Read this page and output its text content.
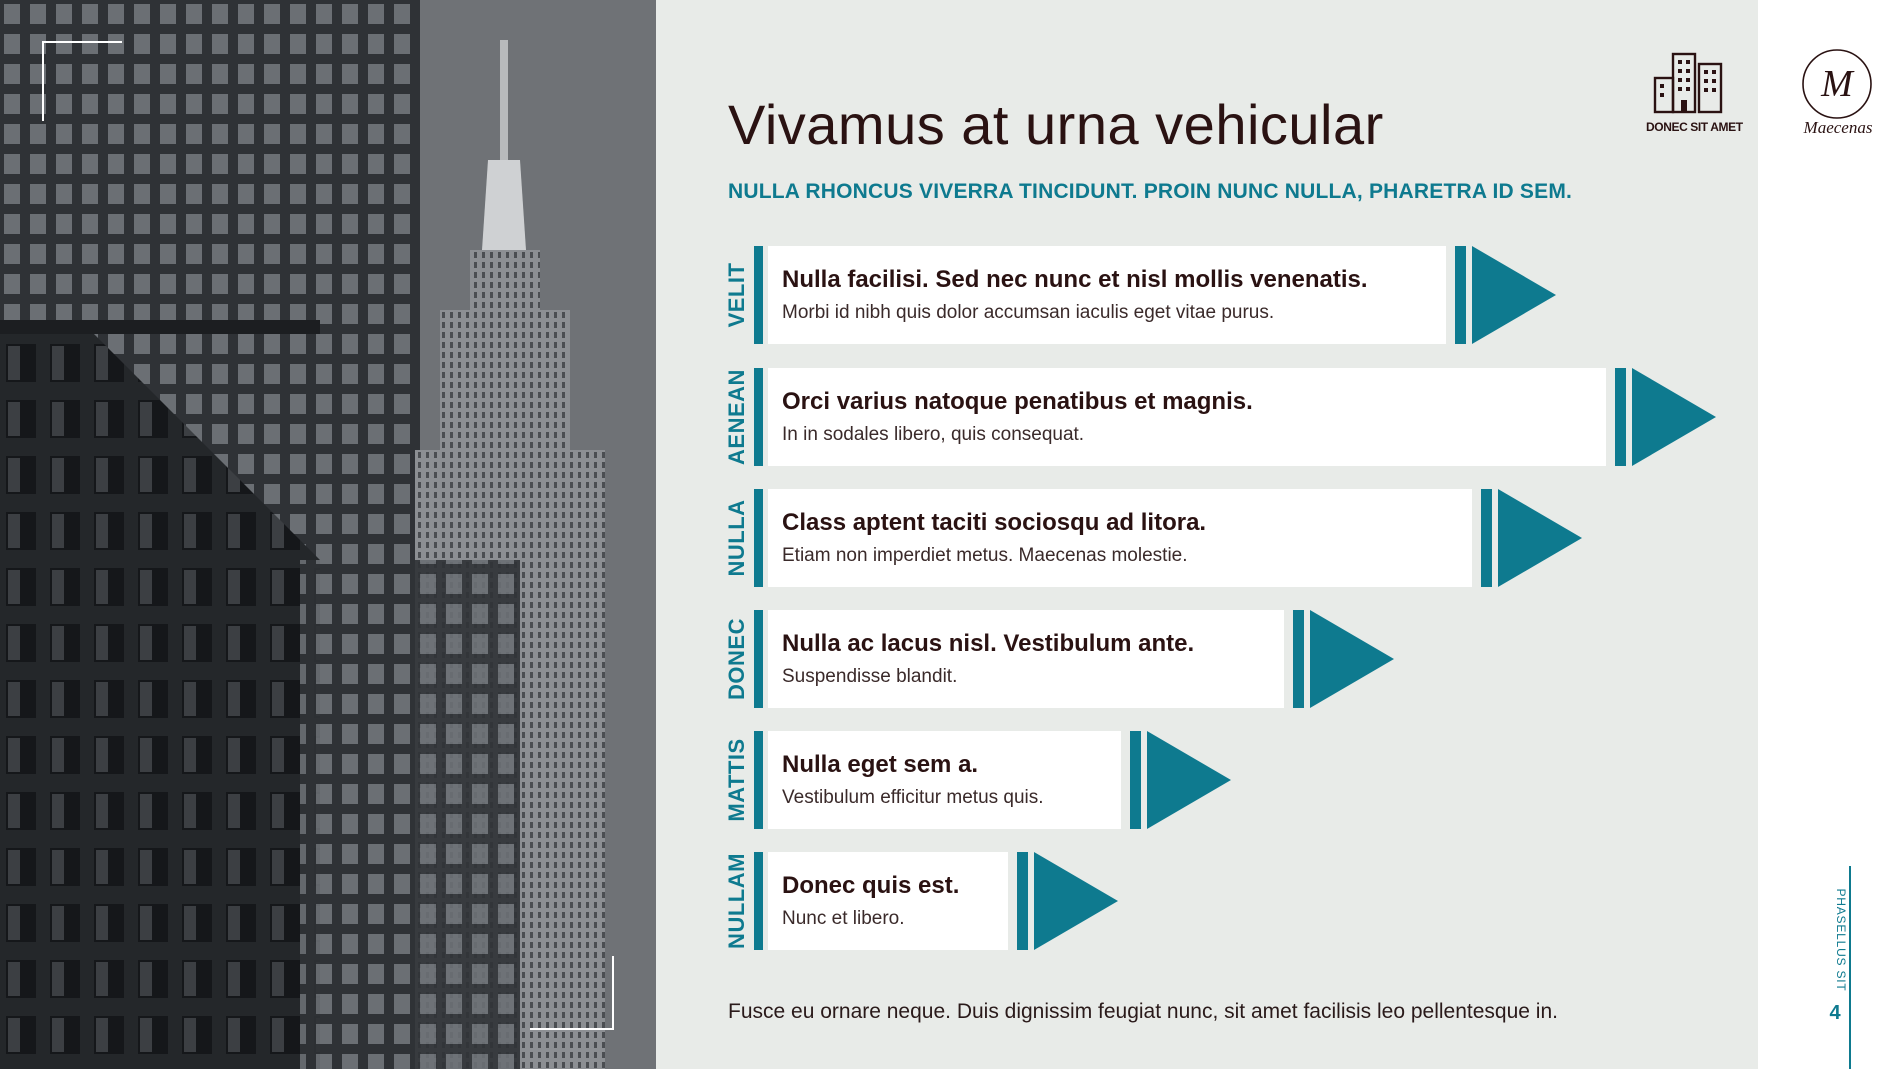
Vivamus at urna vehicular
NULLA RHONCUS VIVERRA TINCIDUNT. PROIN NUNC NULLA, PHARETRA ID SEM.
VELIT Nulla facilisi. Sed nec nunc et nisl mollis venenatis.
Morbi id nibh quis dolor accumsan iaculis eget vitae purus.
AENEAN Orci varius natoque penatibus et magnis.
In in sodales libero, quis consequat.
NULLA Class aptent taciti sociosqu ad litora.
Etiam non imperdiet metus. Maecenas molestie.
DONEC Nulla ac lacus nisl. Vestibulum ante.
Suspendisse blandit.
MATTIS Nulla eget sem a.
Vestibulum efficitur metus quis.
NULLAM Donec quis est.
Nunc et libero.
Fusce eu ornare neque. Duis dignissim feugiat nunc, sit amet facilisis leo pellentesque in.
DONEC SIT AMET
M
Maecenas
PHASELLUS SIT
4
